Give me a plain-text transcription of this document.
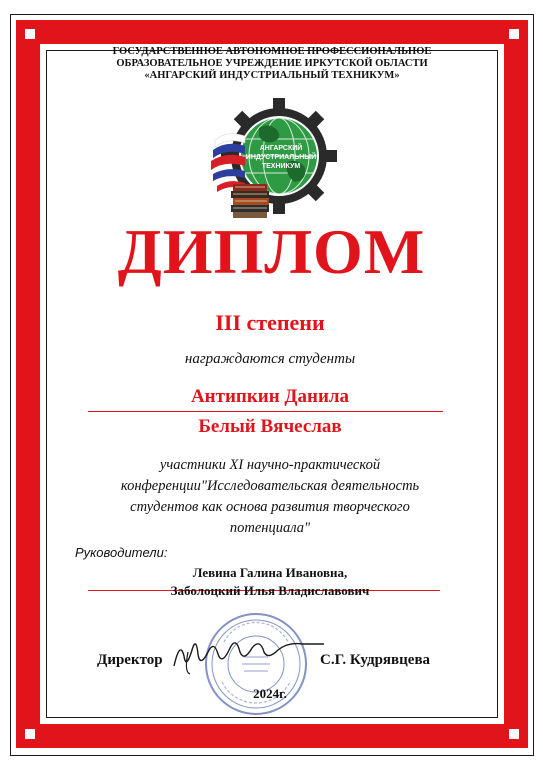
ГОСУДАРСТВЕННОЕ АВТОНОМНОЕ ПРОФЕССИОНАЛЬНОЕ
ОБРАЗОВАТЕЛЬНОЕ УЧРЕЖДЕНИЕ ИРКУТСКОЙ ОБЛАСТИ
«АНГАРСКИЙ ИНДУСТРИАЛЬНЫЙ ТЕХНИКУМ»
АНГАРСКИЙ
ИНДУСТРИАЛЬНЫЙ
ТЕХНИКУМ
ДИПЛОМ
III степени
награждаются студенты
Антипкин Данила
Белый Вячеслав
участники XI научно-практической
конференции"Исследовательская деятельность
студентов как основа развития творческого
потенциала"
Руководители:
Левина Галина Ивановна,
Заболоцкий Илья Владиславович
Директор	С.Г. Кудрявцева
2024г.
